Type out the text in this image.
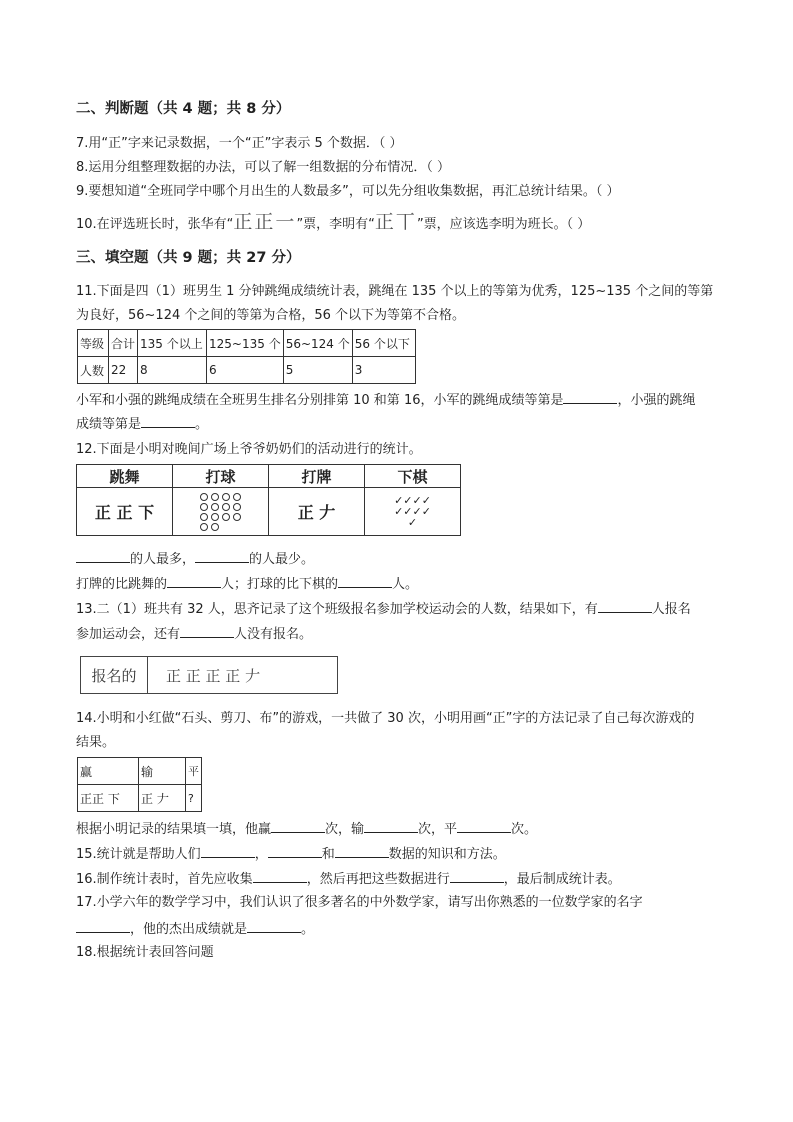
二、判断题（共 4 题；共 8 分）
7.用“正”字来记录数据，一个“正”字表示 5 个数据．（ ）
8.运用分组整理数据的办法，可以了解一组数据的分布情况．（ ）
9.要想知道“全班同学中哪个月出生的人数最多”，可以先分组收集数据，再汇总统计结果。（ ）
10.在评选班长时，张华有“正正一”票，李明有“正丅”票，应该选李明为班长。（ ）
三、填空题（共 9 题；共 27 分）
11.下面是四（1）班男生 1 分钟跳绳成绩统计表，跳绳在 135 个以上的等第为优秀，125~135 个之间的等第
为良好，56~124 个之间的等第为合格，56 个以下为等第不合格。
等级	合计	135 个以上	125~135 个	56~124 个	56 个以下
人数	22	8	6	5	3
小军和小强的跳绳成绩在全班男生排名分别排第 10 和第 16，小军的跳绳成绩等第是	，小强的跳绳
成绩等第是	。
12.下面是小明对晚间广场上爷爷奶奶们的活动进行的统计。
跳舞	打球	打牌	下棋
正 正 下		正 𠂇	✓✓✓✓
✓✓✓✓
✓
的人最多，	的人最少。
打牌的比跳舞的	人；打球的比下棋的	人。
13.二（1）班共有 32 人，思齐记录了这个班级报名参加学校运动会的人数，结果如下，有	人报名
参加运动会，还有	人没有报名。
报名的	正 正 正 正 𠂇
14.小明和小红做“石头、剪刀、布”的游戏，一共做了 30 次，小明用画“正”字的方法记录了自己每次游戏的
结果。
赢	输	平
正正 下	正 𠂇	?
根据小明记录的结果填一填，他赢	次，输	次，平	次。
15.统计就是帮助人们	，	和	数据的知识和方法。
16.制作统计表时，首先应收集	，然后再把这些数据进行	，最后制成统计表。
17.小学六年的数学学习中，我们认识了很多著名的中外数学家，请写出你熟悉的一位数学家的名字
，他的杰出成绩就是	。
18.根据统计表回答问题
